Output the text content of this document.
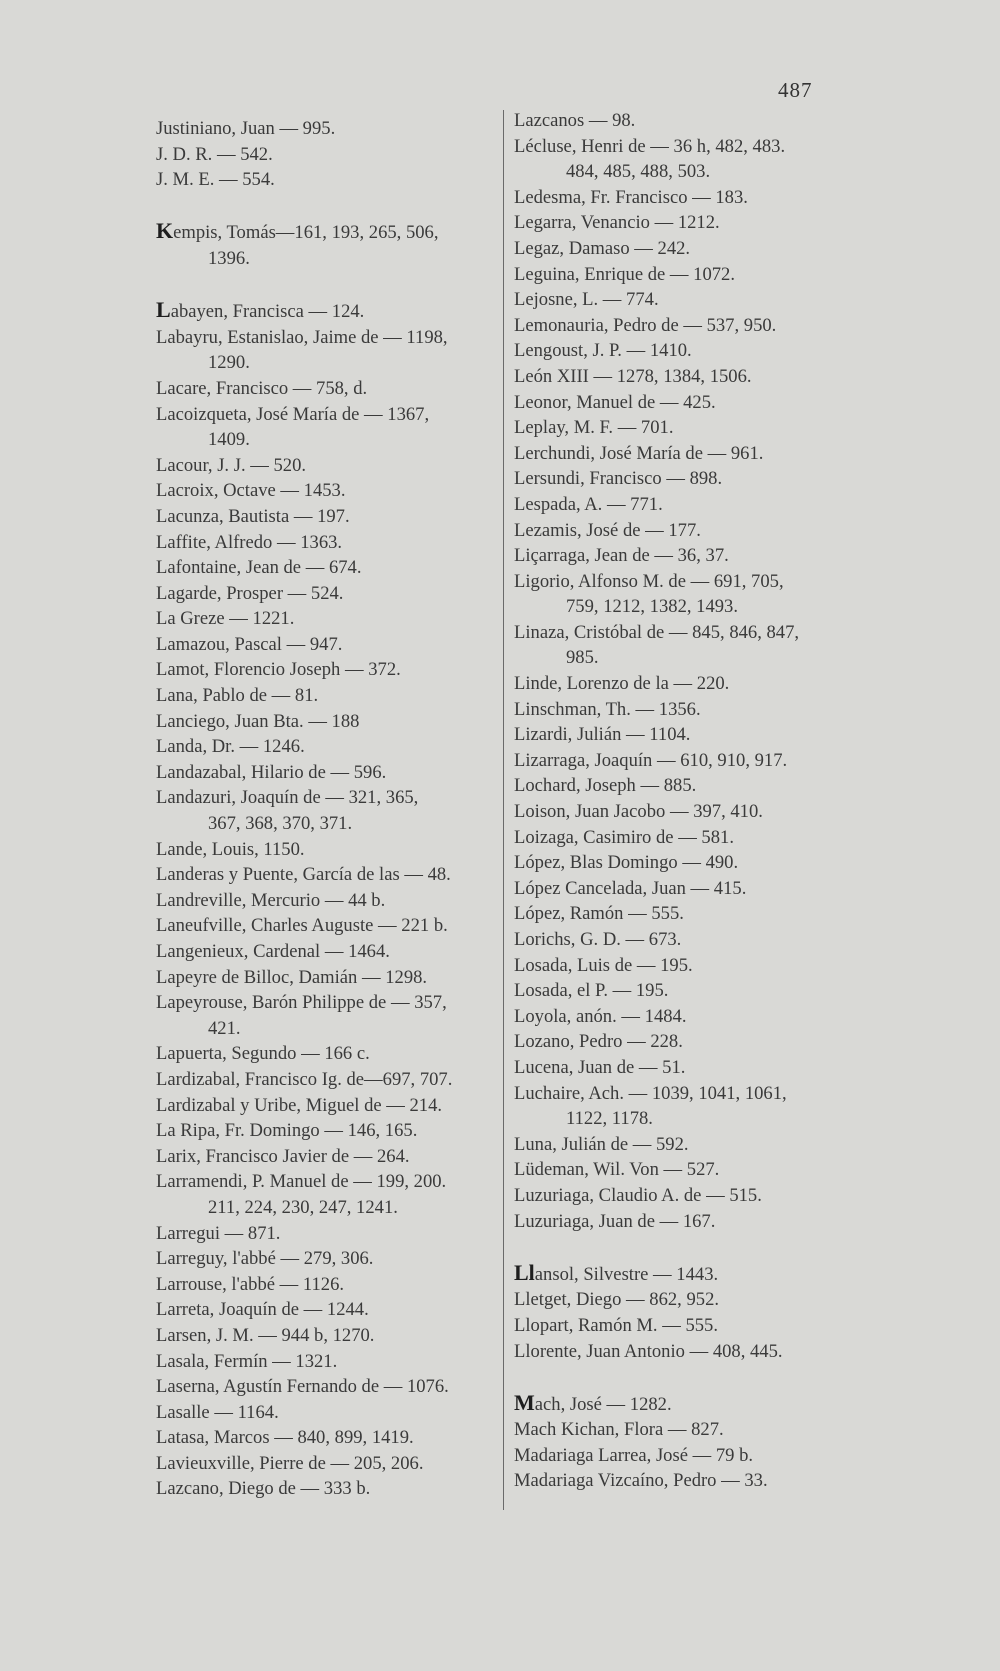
487
Justiniano, Juan — 995.
J. D. R. — 542.
J. M. E. — 554.
Kempis, Tomás—161, 193, 265, 506,
1396.
Labayen, Francisca — 124.
Labayru, Estanislao, Jaime de — 1198,
1290.
Lacare, Francisco — 758, d.
Lacoizqueta, José María de — 1367,
1409.
Lacour, J. J. — 520.
Lacroix, Octave — 1453.
Lacunza, Bautista — 197.
Laffite, Alfredo — 1363.
Lafontaine, Jean de — 674.
Lagarde, Prosper — 524.
La Greze — 1221.
Lamazou, Pascal — 947.
Lamot, Florencio Joseph — 372.
Lana, Pablo de — 81.
Lanciego, Juan Bta. — 188
Landa, Dr. — 1246.
Landazabal, Hilario de — 596.
Landazuri, Joaquín de — 321, 365,
367, 368, 370, 371.
Lande, Louis, 1150.
Landeras y Puente, García de las — 48.
Landreville, Mercurio — 44 b.
Laneufville, Charles Auguste — 221 b.
Langenieux, Cardenal — 1464.
Lapeyre de Billoc, Damián — 1298.
Lapeyrouse, Barón Philippe de — 357,
421.
Lapuerta, Segundo — 166 c.
Lardizabal, Francisco Ig. de—697, 707.
Lardizabal y Uribe, Miguel de — 214.
La Ripa, Fr. Domingo — 146, 165.
Larix, Francisco Javier de — 264.
Larramendi, P. Manuel de — 199, 200.
211, 224, 230, 247, 1241.
Larregui — 871.
Larreguy, l'abbé — 279, 306.
Larrouse, l'abbé — 1126.
Larreta, Joaquín de — 1244.
Larsen, J. M. — 944 b, 1270.
Lasala, Fermín — 1321.
Laserna, Agustín Fernando de — 1076.
Lasalle — 1164.
Latasa, Marcos — 840, 899, 1419.
Lavieuxville, Pierre de — 205, 206.
Lazcano, Diego de — 333 b.
Lazcanos — 98.
Lécluse, Henri de — 36 h, 482, 483.
484, 485, 488, 503.
Ledesma, Fr. Francisco — 183.
Legarra, Venancio — 1212.
Legaz, Damaso — 242.
Leguina, Enrique de — 1072.
Lejosne, L. — 774.
Lemonauria, Pedro de — 537, 950.
Lengoust, J. P. — 1410.
León XIII — 1278, 1384, 1506.
Leonor, Manuel de — 425.
Leplay, M. F. — 701.
Lerchundi, José María de — 961.
Lersundi, Francisco — 898.
Lespada, A. — 771.
Lezamis, José de — 177.
Liçarraga, Jean de — 36, 37.
Ligorio, Alfonso M. de — 691, 705,
759, 1212, 1382, 1493.
Linaza, Cristóbal de — 845, 846, 847,
985.
Linde, Lorenzo de la — 220.
Linschman, Th. — 1356.
Lizardi, Julián — 1104.
Lizarraga, Joaquín — 610, 910, 917.
Lochard, Joseph — 885.
Loison, Juan Jacobo — 397, 410.
Loizaga, Casimiro de — 581.
López, Blas Domingo — 490.
López Cancelada, Juan — 415.
López, Ramón — 555.
Lorichs, G. D. — 673.
Losada, Luis de — 195.
Losada, el P. — 195.
Loyola, anón. — 1484.
Lozano, Pedro — 228.
Lucena, Juan de — 51.
Luchaire, Ach. — 1039, 1041, 1061,
1122, 1178.
Luna, Julián de — 592.
Lüdeman, Wil. Von — 527.
Luzuriaga, Claudio A. de — 515.
Luzuriaga, Juan de — 167.
Llansol, Silvestre — 1443.
Lletget, Diego — 862, 952.
Llopart, Ramón M. — 555.
Llorente, Juan Antonio — 408, 445.
Mach, José — 1282.
Mach Kichan, Flora — 827.
Madariaga Larrea, José — 79 b.
Madariaga Vizcaíno, Pedro — 33.
